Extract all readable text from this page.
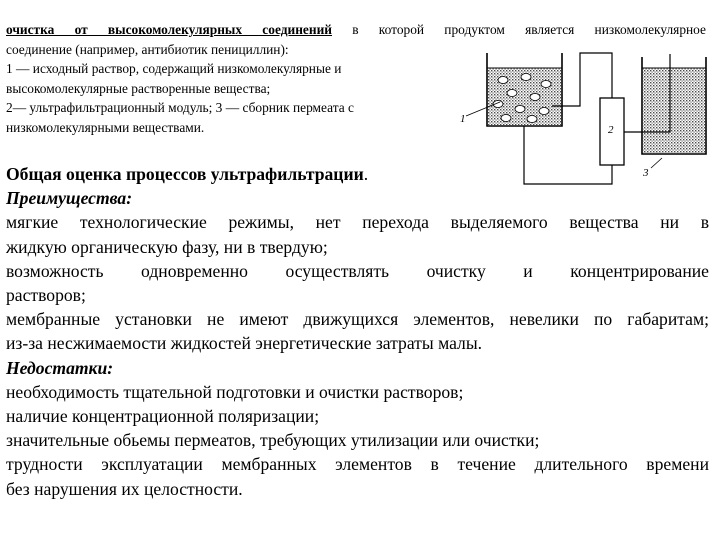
очистка от высокомолекулярных соединений в которой продуктом является низкомолекулярное
соединение (например, антибиотик пенициллин):
1 — исходный раствор, содержащий низкомолекулярные и
высокомолекулярные растворенные вещества;
2— ультрафильтрационный модуль; 3 — сборник пермеата с
низкомолекулярными веществами.
1
2
3
Общая оценка процессов ультрафильтрации.
Преимущества:
мягкие технологические режимы, нет перехода выделяемого вещества ни в
жидкую органическую фазу, ни в твердую;
возможность одновременно осуществлять очистку и концентрирование
растворов;
мембранные установки не имеют движущихся элементов, невелики по габаритам;
из-за несжимаемости жидкостей энергетические затраты малы.
Недостатки:
необходимость тщательной подготовки и очистки растворов;
наличие концентрационной поляризации;
значительные обьемы пермеатов, требующих утилизации или очистки;
трудности эксплуатации мембранных элементов в течение длительного времени
без нарушения их целостности.
